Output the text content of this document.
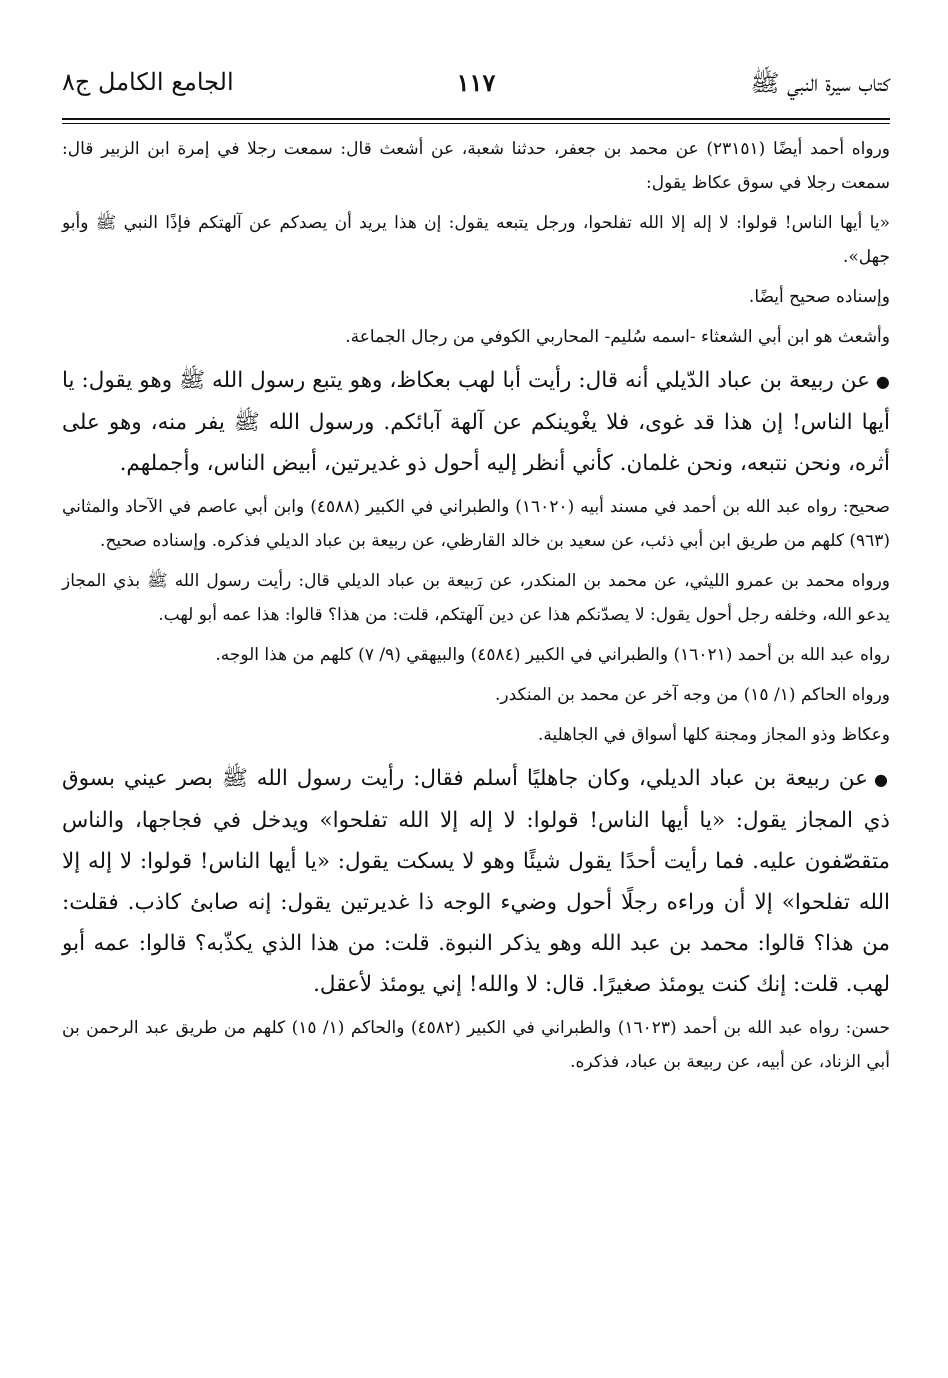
كتاب سيرة النبي ﷺ
١١٧
الجامع الكامل ج٨

ورواه أحمد أيضًا (٢٣١٥١) عن محمد بن جعفر، حدثنا شعبة، عن أشعث قال: سمعت رجلا في إمرة ابن الزبير قال: سمعت رجلا في سوق عكاظ يقول:

«يا أيها الناس! قولوا: لا إله إلا الله تفلحوا، ورجل يتبعه يقول: إن هذا يريد أن يصدكم عن آلهتكم فإذًا النبي ﷺ وأبو جهل».

وإسناده صحيح أيضًا.

وأشعث هو ابن أبي الشعثاء -اسمه سُليم- المحاربي الكوفي من رجال الجماعة.

●عن ربيعة بن عباد الدّيلي أنه قال: رأيت أبا لهب بعكاظ، وهو يتبع رسول الله ﷺ وهو يقول: يا أيها الناس! إن هذا قد غوى، فلا يغْوينكم عن آلهة آبائكم. ورسول الله ﷺ يفر منه، وهو على أثره، ونحن نتبعه، ونحن غلمان. كأني أنظر إليه أحول ذو غديرتين، أبيض الناس، وأجملهم.

صحيح: رواه عبد الله بن أحمد في مسند أبيه (١٦٠٢٠) والطبراني في الكبير (٤٥٨٨) وابن أبي عاصم في الآحاد والمثاني (٩٦٣) كلهم من طريق ابن أبي ذئب، عن سعيد بن خالد القارظي، عن ربيعة بن عباد الديلي فذكره. وإسناده صحيح.

ورواه محمد بن عمرو الليثي، عن محمد بن المنكدر، عن رَبيعة بن عباد الديلي قال: رأيت رسول الله ﷺ بذي المجاز يدعو الله، وخلفه رجل أحول يقول: لا يصدّنكم هذا عن دين آلهتكم، قلت: من هذا؟ قالوا: هذا عمه أبو لهب.

رواه عبد الله بن أحمد (١٦٠٢١) والطبراني في الكبير (٤٥٨٤) والبيهقي (٩/ ٧) كلهم من هذا الوجه.

ورواه الحاكم (١/ ١٥) من وجه آخر عن محمد بن المنكدر.

وعكاظ وذو المجاز ومجنة كلها أسواق في الجاهلية.

●عن ربيعة بن عباد الديلي، وكان جاهليًا أسلم فقال: رأيت رسول الله ﷺ بصر عيني بسوق ذي المجاز يقول: «يا أيها الناس! قولوا: لا إله إلا الله تفلحوا» ويدخل في فجاجها، والناس متقصّفون عليه. فما رأيت أحدًا يقول شيئًا وهو لا يسكت يقول: «يا أيها الناس! قولوا: لا إله إلا الله تفلحوا» إلا أن وراءه رجلًا أحول وضيء الوجه ذا غديرتين يقول: إنه صابئ كاذب. فقلت: من هذا؟ قالوا: محمد بن عبد الله وهو يذكر النبوة. قلت: من هذا الذي يكذّبه؟ قالوا: عمه أبو لهب. قلت: إنك كنت يومئذ صغيرًا. قال: لا والله! إني يومئذ لأعقل.

حسن: رواه عبد الله بن أحمد (١٦٠٢٣) والطبراني في الكبير (٤٥٨٢) والحاكم (١/ ١٥) كلهم من طريق عبد الرحمن بن أبي الزناد، عن أبيه، عن ربيعة بن عباد، فذكره.
